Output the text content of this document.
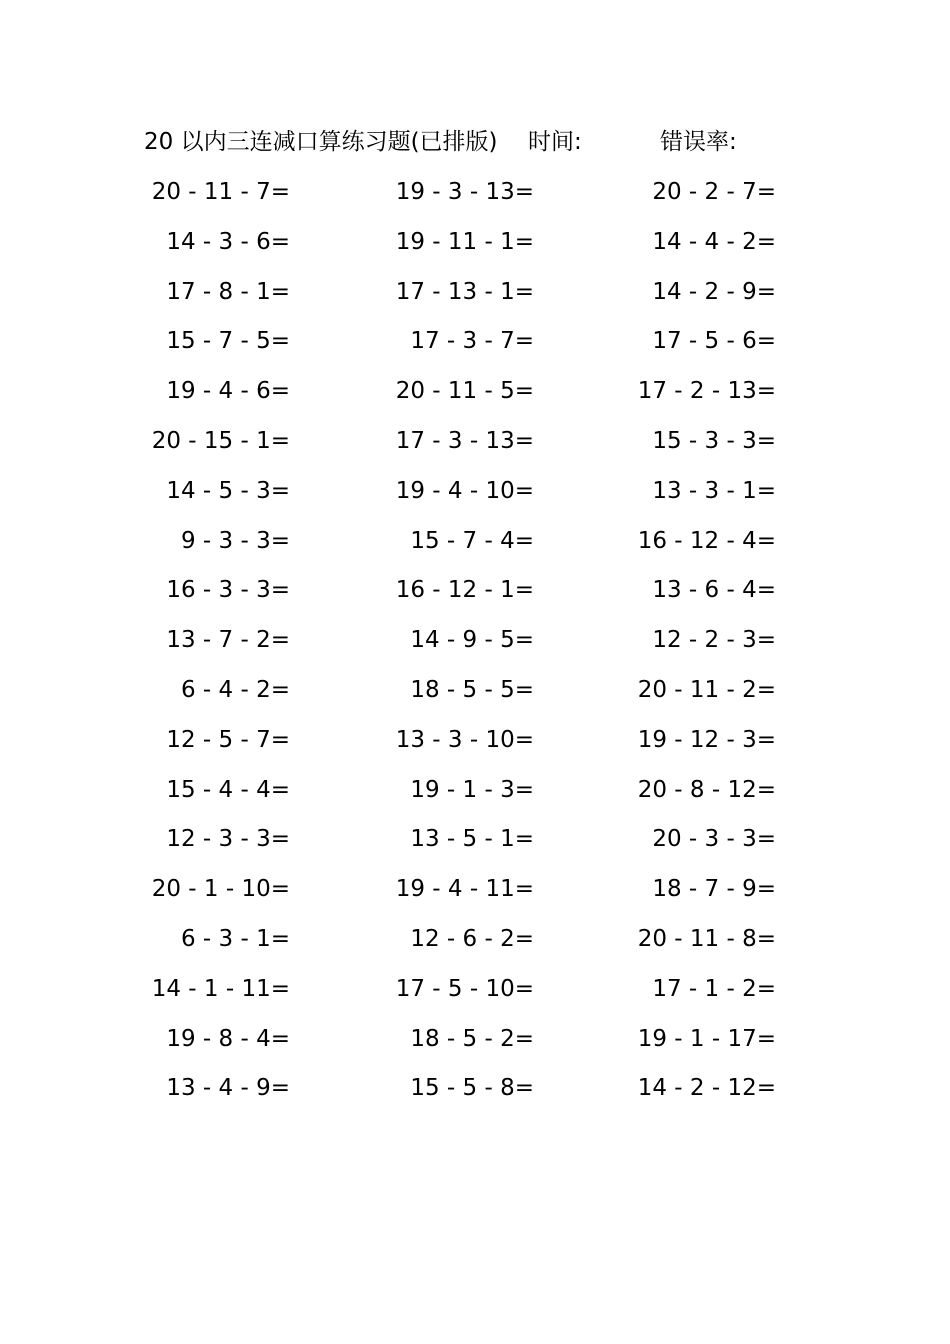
20 以内三连减口算练习题(已排版) 时间:	错误率:
20 - 11 - 7=	19 - 3 - 13=	20 - 2 - 7=
14 - 3 - 6=	19 - 11 - 1=	14 - 4 - 2=
17 - 8 - 1=	17 - 13 - 1=	14 - 2 - 9=
15 - 7 - 5=	17 - 3 - 7=	17 - 5 - 6=
19 - 4 - 6=	20 - 11 - 5=	17 - 2 - 13=
20 - 15 - 1=	17 - 3 - 13=	15 - 3 - 3=
14 - 5 - 3=	19 - 4 - 10=	13 - 3 - 1=
9 - 3 - 3=	15 - 7 - 4=	16 - 12 - 4=
16 - 3 - 3=	16 - 12 - 1=	13 - 6 - 4=
13 - 7 - 2=	14 - 9 - 5=	12 - 2 - 3=
6 - 4 - 2=	18 - 5 - 5=	20 - 11 - 2=
12 - 5 - 7=	13 - 3 - 10=	19 - 12 - 3=
15 - 4 - 4=	19 - 1 - 3=	20 - 8 - 12=
12 - 3 - 3=	13 - 5 - 1=	20 - 3 - 3=
20 - 1 - 10=	19 - 4 - 11=	18 - 7 - 9=
6 - 3 - 1=	12 - 6 - 2=	20 - 11 - 8=
14 - 1 - 11=	17 - 5 - 10=	17 - 1 - 2=
19 - 8 - 4=	18 - 5 - 2=	19 - 1 - 17=
13 - 4 - 9=	15 - 5 - 8=	14 - 2 - 12=
